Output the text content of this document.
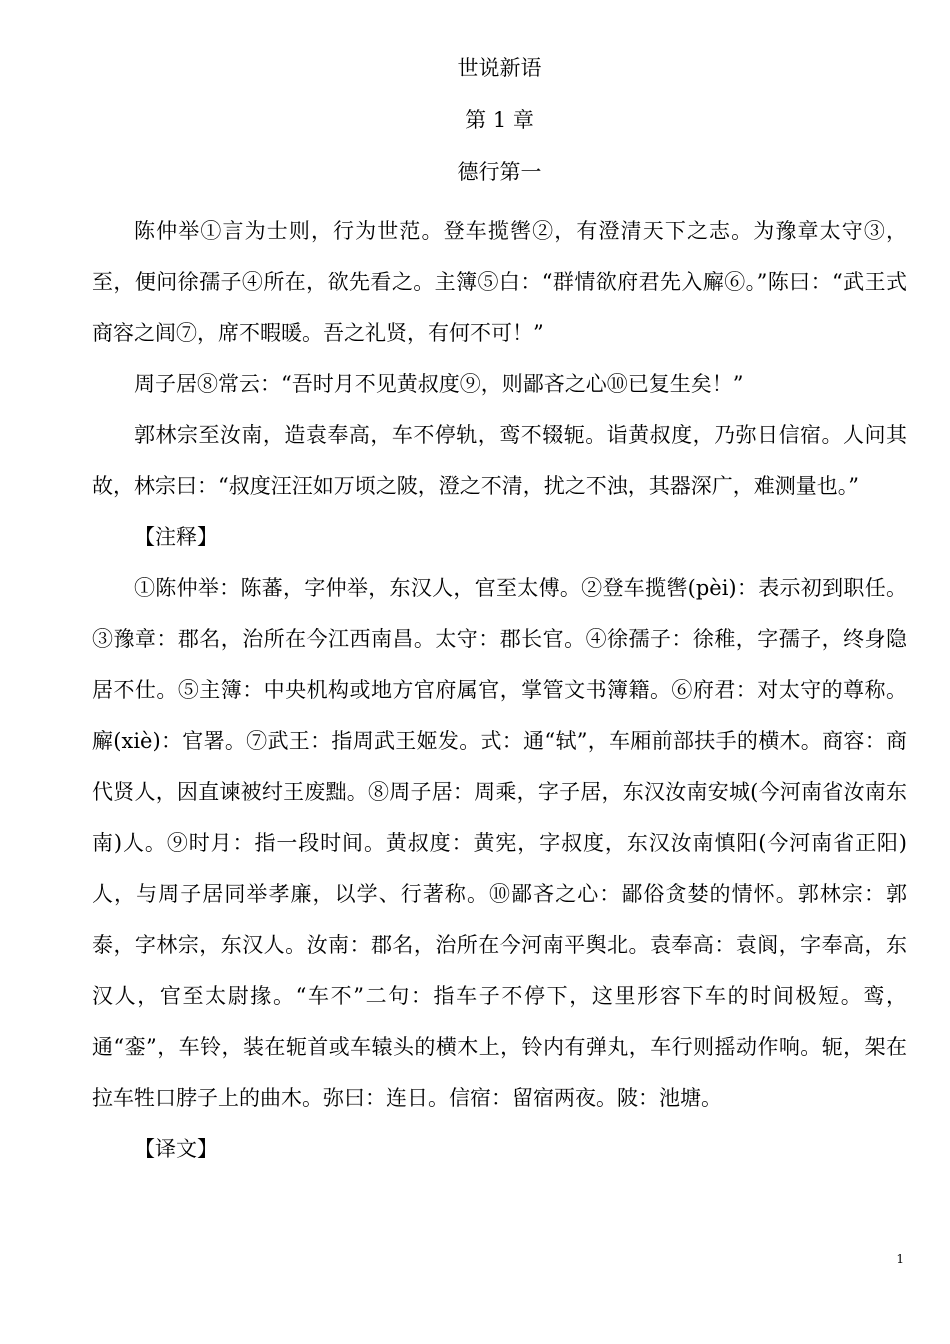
世说新语
第 1 章
德行第一

陈仲举①言为士则，行为世范。登车揽辔②，有澄清天下之志。为豫章太守③，至，便问徐孺子④所在，欲先看之。主簿⑤白：“群情欲府君先入廨⑥。”陈曰：“武王式商容之闾⑦，席不暇暖。吾之礼贤，有何不可！”

周子居⑧常云：“吾时月不见黄叔度⑨，则鄙吝之心⑩已复生矣！”

郭林宗至汝南，造袁奉高，车不停轨，鸾不辍轭。诣黄叔度，乃弥日信宿。人问其故，林宗曰：“叔度汪汪如万顷之陂，澄之不清，扰之不浊，其器深广，难测量也。”

【注释】

①陈仲举：陈蕃，字仲举，东汉人，官至太傅。②登车揽辔(pèi)：表示初到职任。③豫章：郡名，治所在今江西南昌。太守：郡长官。④徐孺子：徐稚，字孺子，终身隐居不仕。⑤主簿：中央机构或地方官府属官，掌管文书簿籍。⑥府君：对太守的尊称。廨(xiè)：官署。⑦武王：指周武王姬发。式：通“轼”，车厢前部扶手的横木。商容：商代贤人，因直谏被纣王废黜。⑧周子居：周乘，字子居，东汉汝南安城(今河南省汝南东南)人。⑨时月：指一段时间。黄叔度：黄宪，字叔度，东汉汝南慎阳(今河南省正阳)人，与周子居同举孝廉，以学、行著称。⑩鄙吝之心：鄙俗贪婪的情怀。郭林宗：郭泰，字林宗，东汉人。汝南：郡名，治所在今河南平舆北。袁奉高：袁阆，字奉高，东汉人，官至太尉掾。“车不”二句：指车子不停下，这里形容下车的时间极短。鸾，通“銮”，车铃，装在轭首或车辕头的横木上，铃内有弹丸，车行则摇动作响。轭，架在拉车牲口脖子上的曲木。弥曰：连日。信宿：留宿两夜。陂：池塘。

【译文】

1
